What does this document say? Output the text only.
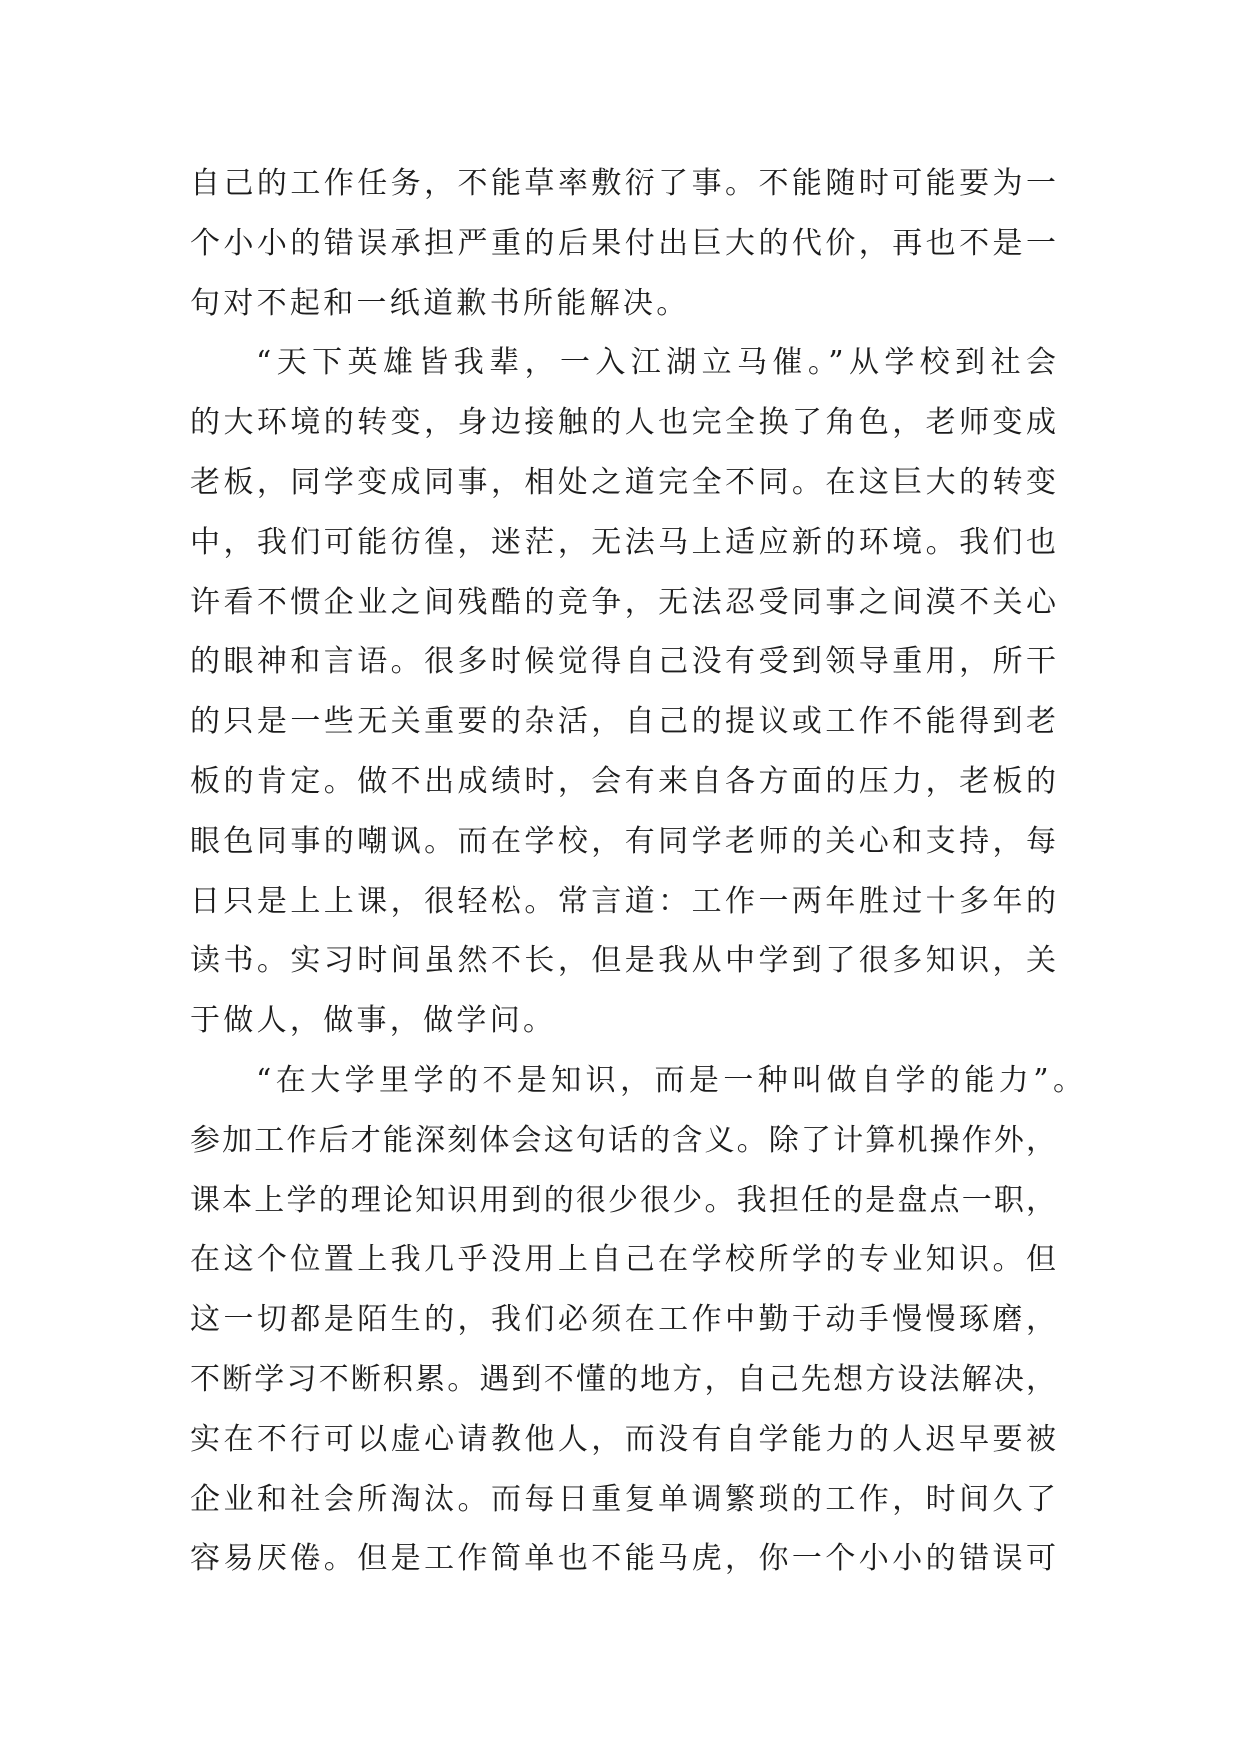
自己的工作任务，不能草率敷衍了事。不能随时可能要为一
个小小的错误承担严重的后果付出巨大的代价，再也不是一
句对不起和一纸道歉书所能解决。
“天下英雄皆我辈，一入江湖立马催。”从学校到社会
的大环境的转变，身边接触的人也完全换了角色，老师变成
老板，同学变成同事，相处之道完全不同。在这巨大的转变
中，我们可能彷徨，迷茫，无法马上适应新的环境。我们也
许看不惯企业之间残酷的竞争，无法忍受同事之间漠不关心
的眼神和言语。很多时候觉得自己没有受到领导重用，所干
的只是一些无关重要的杂活，自己的提议或工作不能得到老
板的肯定。做不出成绩时，会有来自各方面的压力，老板的
眼色同事的嘲讽。而在学校，有同学老师的关心和支持，每
日只是上上课，很轻松。常言道：工作一两年胜过十多年的
读书。实习时间虽然不长，但是我从中学到了很多知识，关
于做人，做事，做学问。
“在大学里学的不是知识，而是一种叫做自学的能力”。
参加工作后才能深刻体会这句话的含义。除了计算机操作外，
课本上学的理论知识用到的很少很少。我担任的是盘点一职，
在这个位置上我几乎没用上自己在学校所学的专业知识。但
这一切都是陌生的，我们必须在工作中勤于动手慢慢琢磨，
不断学习不断积累。遇到不懂的地方，自己先想方设法解决，
实在不行可以虚心请教他人，而没有自学能力的人迟早要被
企业和社会所淘汰。而每日重复单调繁琐的工作，时间久了
容易厌倦。但是工作简单也不能马虎，你一个小小的错误可
